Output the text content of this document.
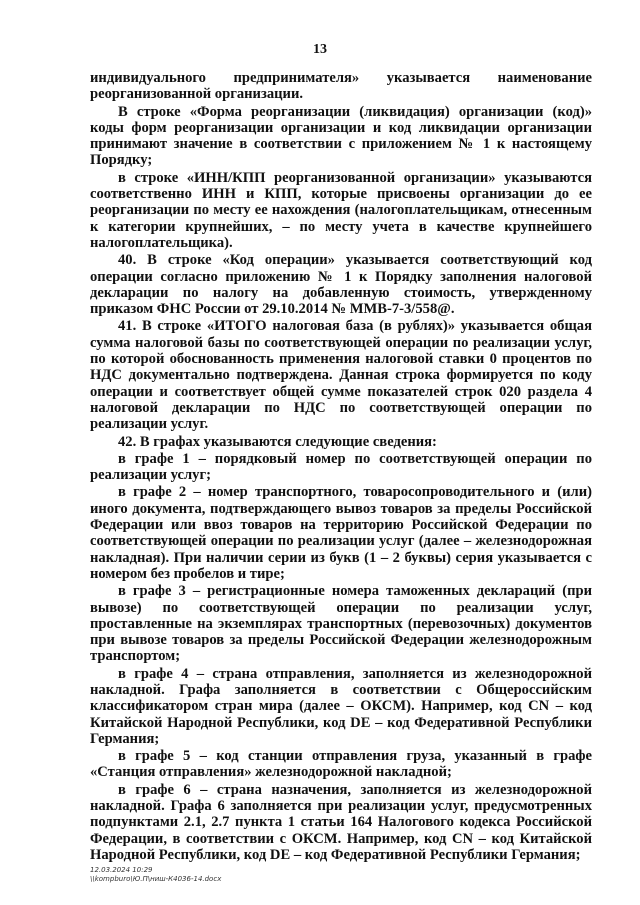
13

индивидуального предпринимателя» указывается наименование реорганизованной организации.

В строке «Форма реорганизации (ликвидация) организации (код)» коды форм реорганизации организации и код ликвидации организации принимают значение в соответствии с приложением № 1 к настоящему Порядку;

в строке «ИНН/КПП реорганизованной организации» указываются соответственно ИНН и КПП, которые присвоены организации до ее реорганизации по месту ее нахождения (налогоплательщикам, отнесенным к категории крупнейших, – по месту учета в качестве крупнейшего налогоплательщика).

40. В строке «Код операции» указывается соответствующий код операции согласно приложению № 1 к Порядку заполнения налоговой декларации по налогу на добавленную стоимость, утвержденному приказом ФНС России от 29.10.2014 № ММВ-7-3/558@.

41. В строке «ИТОГО налоговая база (в рублях)» указывается общая сумма налоговой базы по соответствующей операции по реализации услуг, по которой обоснованность применения налоговой ставки 0 процентов по НДС документально подтверждена. Данная строка формируется по коду операции и соответствует общей сумме показателей строк 020 раздела 4 налоговой декларации по НДС по соответствующей операции по реализации услуг.

42. В графах указываются следующие сведения:

в графе 1 – порядковый номер по соответствующей операции по реализации услуг;

в графе 2 – номер транспортного, товаросопроводительного и (или) иного документа, подтверждающего вывоз товаров за пределы Российской Федерации или ввоз товаров на территорию Российской Федерации по соответствующей операции по реализации услуг (далее – железнодорожная накладная). При наличии серии из букв (1 – 2 буквы) серия указывается с номером без пробелов и тире;

в графе 3 – регистрационные номера таможенных деклараций (при вывозе) по соответствующей операции по реализации услуг, проставленные на экземплярах транспортных (перевозочных) документов при вывозе товаров за пределы Российской Федерации железнодорожным транспортом;

в графе 4 – страна отправления, заполняется из железнодорожной накладной. Графа заполняется в соответствии с Общероссийским классификатором стран мира (далее – ОКСМ). Например, код CN – код Китайской Народной Республики, код DE – код Федеративной Республики Германия;

в графе 5 – код станции отправления груза, указанный в графе «Станция отправления» железнодорожной накладной;

в графе 6 – страна назначения, заполняется из железнодорожной накладной. Графа 6 заполняется при реализации услуг, предусмотренных подпунктами 2.1, 2.7 пункта 1 статьи 164 Налогового кодекса Российской Федерации, в соответствии с ОКСМ. Например, код CN – код Китайской Народной Республики, код DE – код Федеративной Республики Германия;

12.03.2024 10:29
\\kompburo\Ю.П\ниш-К4036-14.docx
